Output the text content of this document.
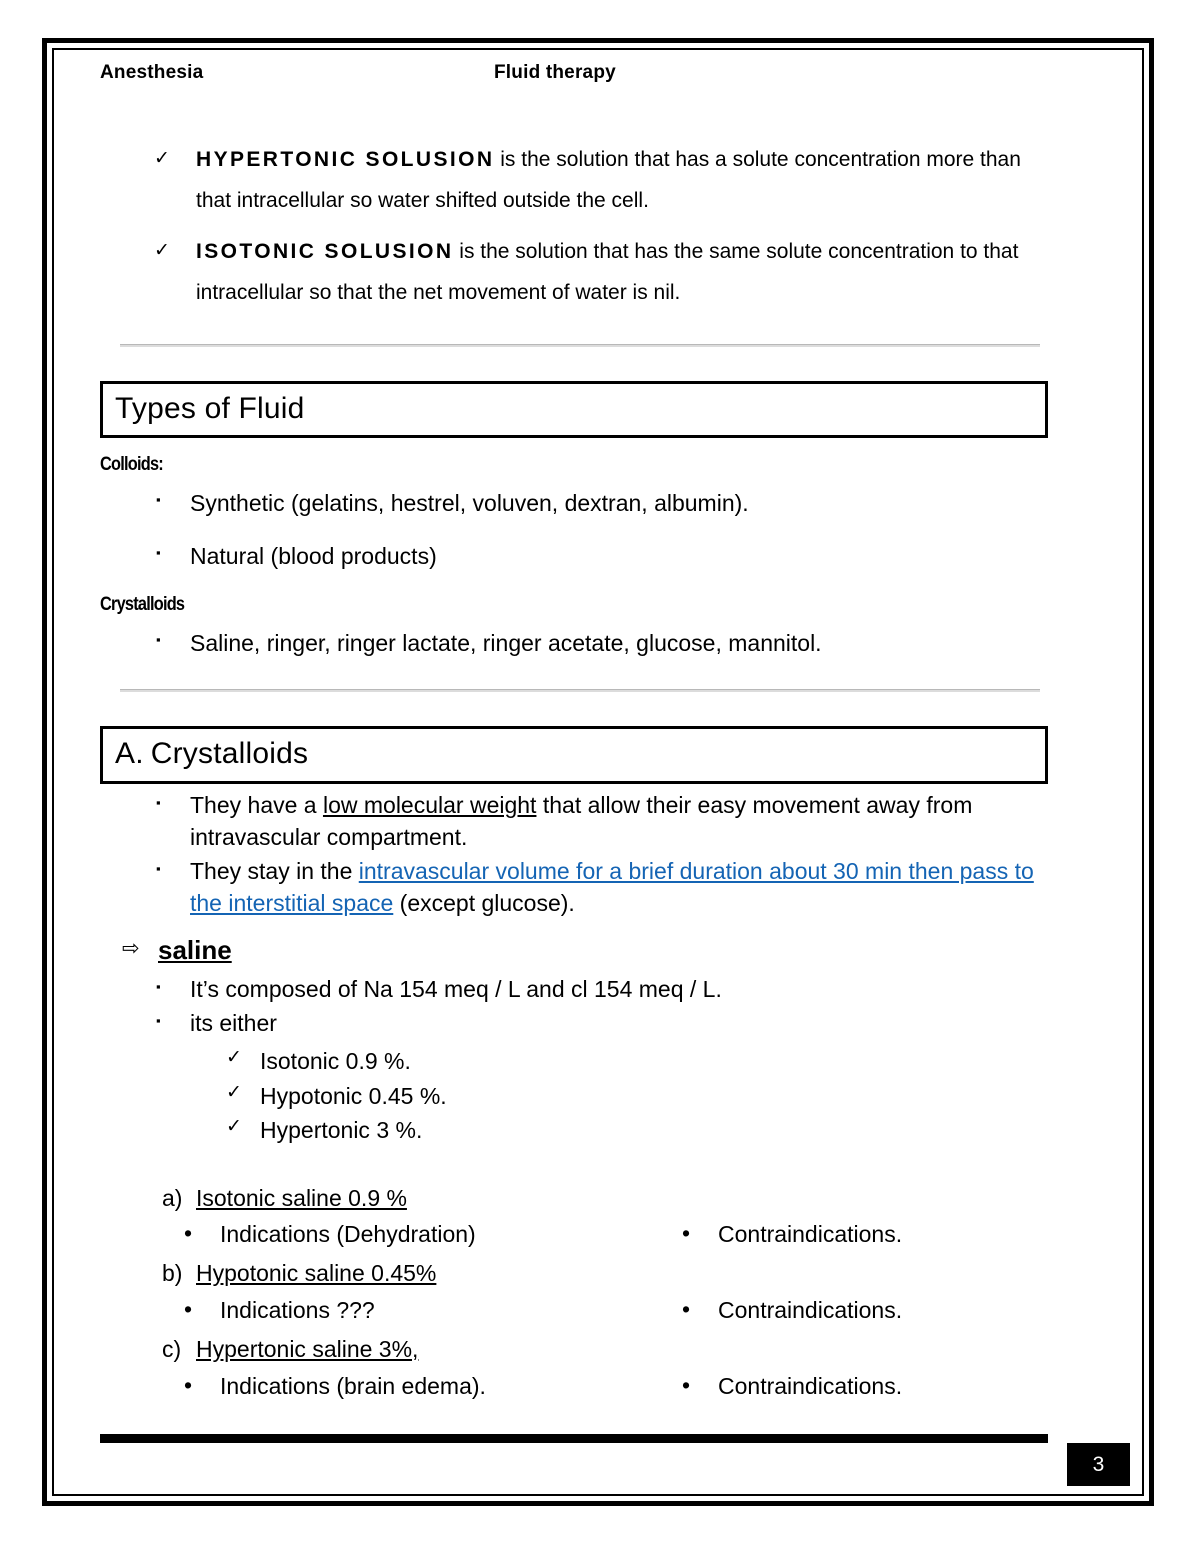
Anesthesia	Fluid therapy
✓ HYPERTONIC SOLUSION is the solution that has a solute concentration more than that intracellular so water shifted outside the cell.
✓ ISOTONIC SOLUSION is the solution that has the same solute concentration to that intracellular so that the net movement of water is nil.
Types of Fluid
Colloids:
▪ Synthetic (gelatins, hestrel, voluven, dextran, albumin).
▪ Natural (blood products)
Crystalloids
▪ Saline, ringer, ringer lactate, ringer acetate, glucose, mannitol.
A. Crystalloids
▪ They have a low molecular weight that allow their easy movement away from intravascular compartment.
▪ They stay in the intravascular volume for a brief duration about 30 min then pass to the interstitial space (except glucose).
⇨ saline
▪ It’s composed of Na 154 meq / L and cl 154 meq / L.
▪ its either
✓ Isotonic 0.9 %.
✓ Hypotonic 0.45 %.
✓ Hypertonic 3 %.
a) Isotonic saline 0.9 %
• Indications (Dehydration)	• Contraindications.
b) Hypotonic saline 0.45%
• Indications ???	• Contraindications.
c) Hypertonic saline 3%,
• Indications (brain edema).	• Contraindications.
3
